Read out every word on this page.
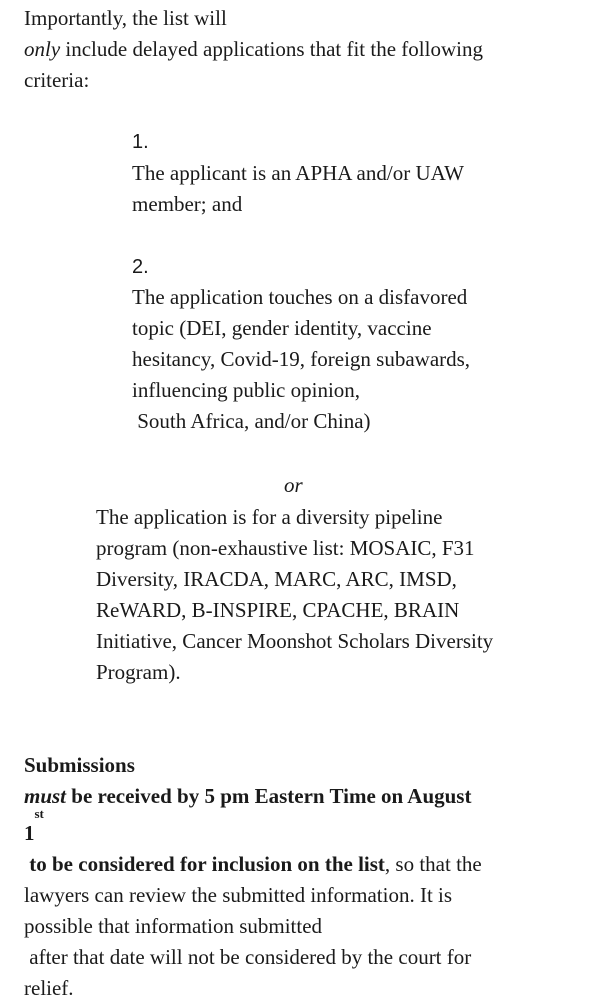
Importantly, the list will
only include delayed applications that fit the following
criteria:
1.
The applicant is an APHA and/or UAW
member; and
2.
The application touches on a disfavored
topic (DEI, gender identity, vaccine
hesitancy, Covid-19, foreign subawards,
influencing public opinion,
South Africa, and/or China)
or
The application is for a diversity pipeline
program (non-exhaustive list: MOSAIC, F31
Diversity, IRACDA, MARC, ARC, IMSD,
ReWARD, B-INSPIRE, CPACHE, BRAIN
Initiative, Cancer Moonshot Scholars Diversity
Program).
Submissions
must be received by 5 pm Eastern Time on August
1st
to be considered for inclusion on the list, so that the
lawyers can review the submitted information. It is
possible that information submitted
after that date will not be considered by the court for
relief.
